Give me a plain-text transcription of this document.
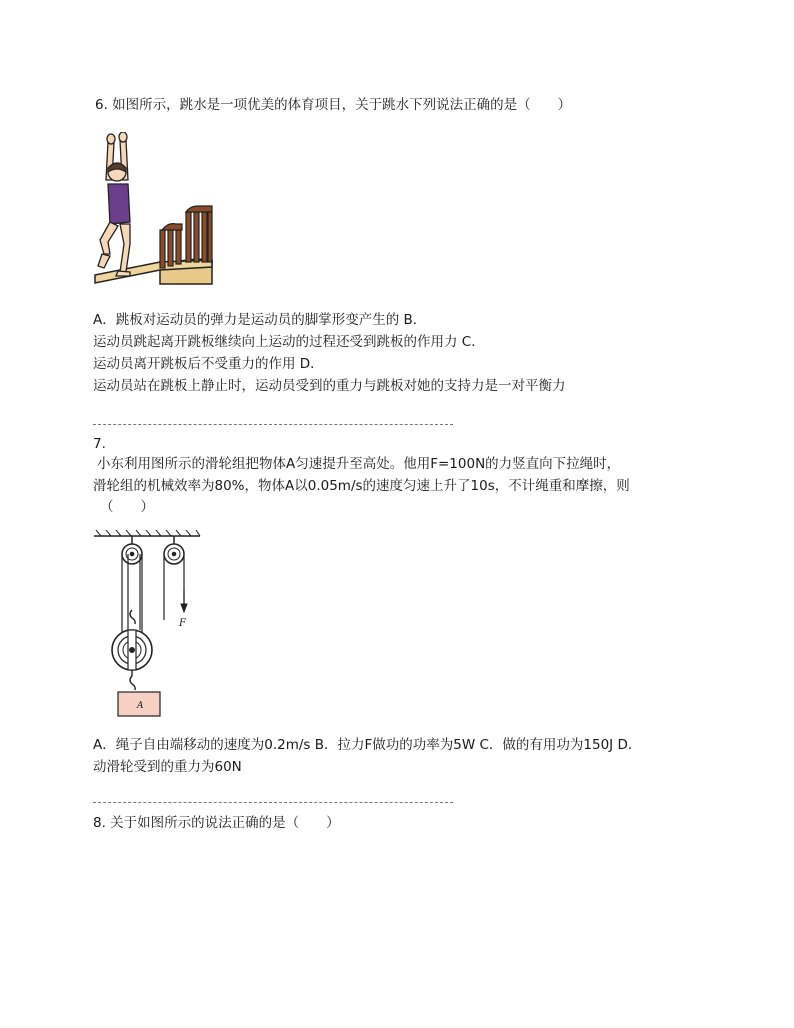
6. 如图所示，跳水是一项优美的体育项目，关于跳水下列说法正确的是（　　）
A．跳板对运动员的弹力是运动员的脚掌形变产生的 B．
运动员跳起离开跳板继续向上运动的过程还受到跳板的作用力 C．
运动员离开跳板后不受重力的作用 D．
运动员站在跳板上静止时，运动员受到的重力与跳板对她的支持力是一对平衡力
7.
小东利用图所示的滑轮组把物体A匀速提升至高处。他用F=100N的力竖直向下拉绳时，
滑轮组的机械效率为80%，物体A以0.05m/s的速度匀速上升了10s，不计绳重和摩擦，则
（　　）
F
A
A．绳子自由端移动的速度为0.2m/s B．拉力F做功的功率为5W C．做的有用功为150J D．
动滑轮受到的重力为60N
8. 关于如图所示的说法正确的是（　　）
